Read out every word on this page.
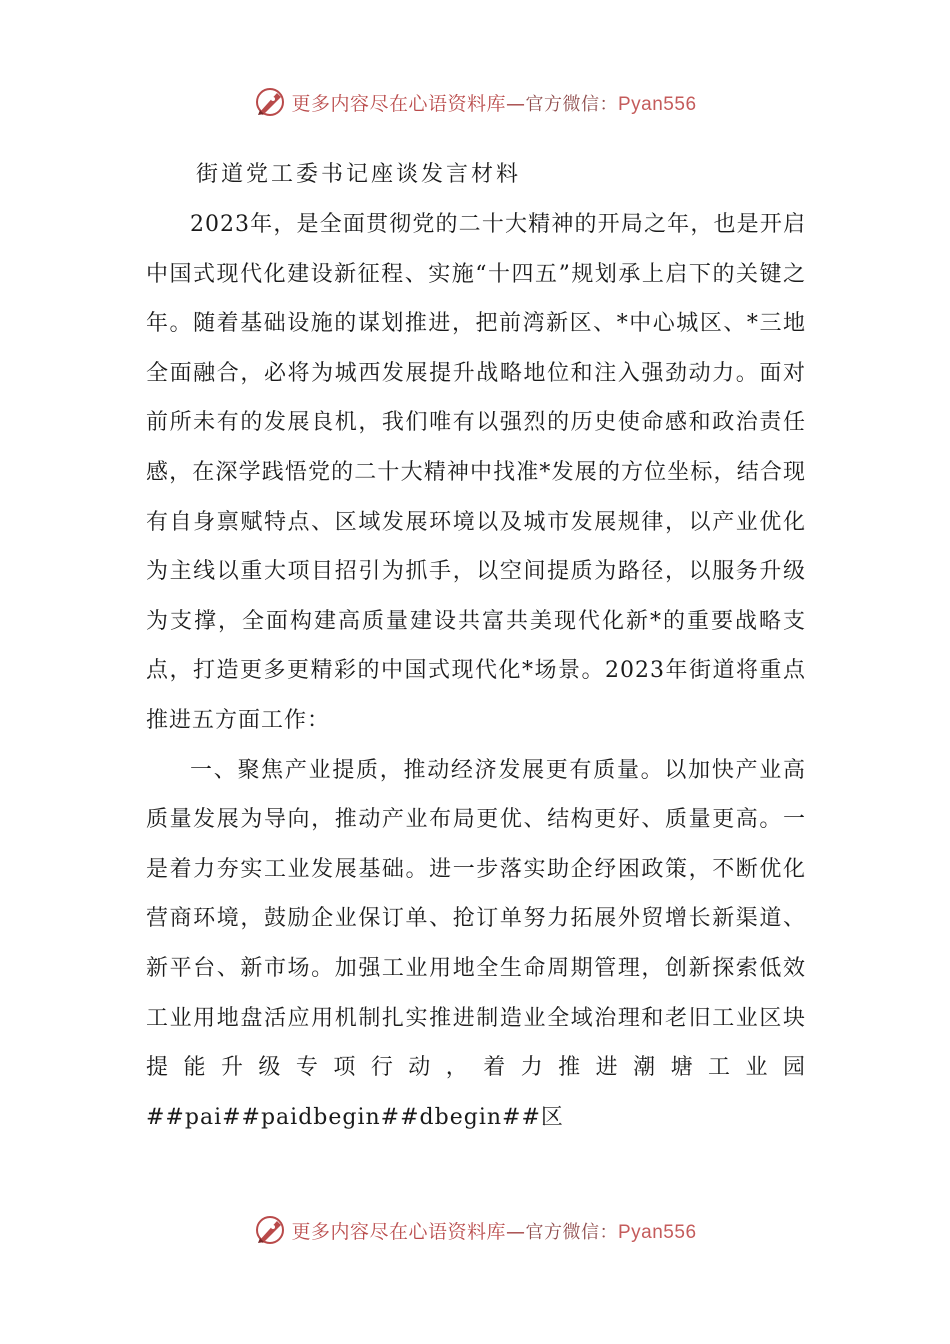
更多内容尽在心语资料库—官方微信：Pyan556
街道党工委书记座谈发言材料

2023年，是全面贯彻党的二十大精神的开局之年，也是开启中国式现代化建设新征程、实施“十四五”规划承上启下的关键之年。随着基础设施的谋划推进，把前湾新区、*中心城区、*三地全面融合，必将为城西发展提升战略地位和注入强劲动力。面对前所未有的发展良机，我们唯有以强烈的历史使命感和政治责任感，在深学践悟党的二十大精神中找准*发展的方位坐标，结合现有自身禀赋特点、区域发展环境以及城市发展规律，以产业优化为主线以重大项目招引为抓手，以空间提质为路径，以服务升级为支撑，全面构建高质量建设共富共美现代化新*的重要战略支点，打造更多更精彩的中国式现代化*场景。2023年街道将重点推进五方面工作：

一、聚焦产业提质，推动经济发展更有质量。以加快产业高质量发展为导向，推动产业布局更优、结构更好、质量更高。一是着力夯实工业发展基础。进一步落实助企纾困政策，不断优化营商环境，鼓励企业保订单、抢订单努力拓展外贸增长新渠道、新平台、新市场。加强工业用地全生命周期管理，创新探索低效工业用地盘活应用机制扎实推进制造业全域治理和老旧工业区块提能升级专项行动，着力推进潮塘工业园##pai##paidbegin##dbegin##区

更多内容尽在心语资料库—官方微信：Pyan556
